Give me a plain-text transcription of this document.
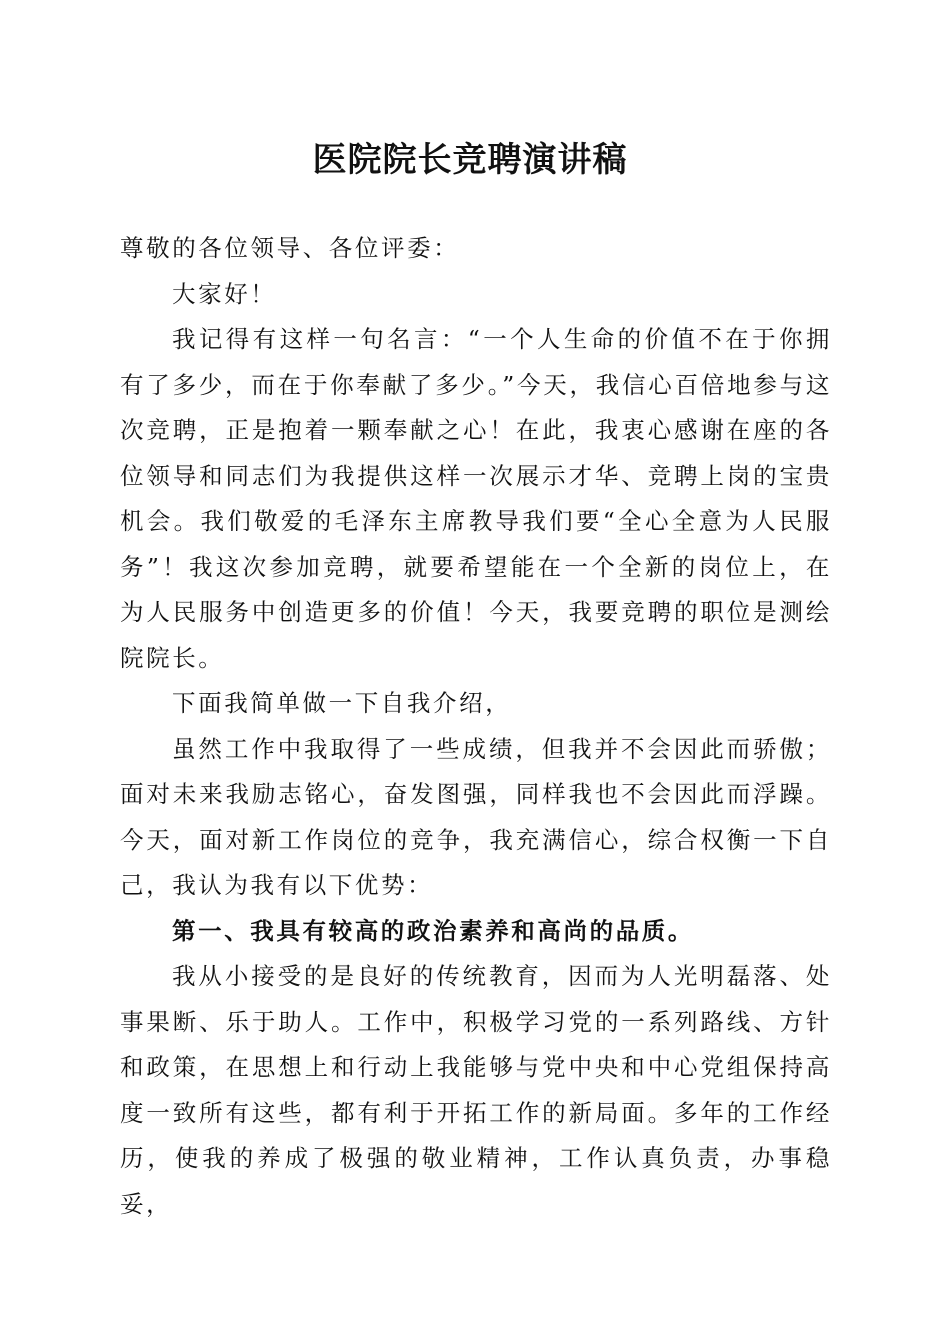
医院院长竞聘演讲稿

尊敬的各位领导、各位评委：

大家好！

我记得有这样一句名言：“一个人生命的价值不在于你拥有了多少，而在于你奉献了多少。”今天，我信心百倍地参与这次竞聘，正是抱着一颗奉献之心！在此，我衷心感谢在座的各位领导和同志们为我提供这样一次展示才华、竞聘上岗的宝贵机会。我们敬爱的毛泽东主席教导我们要“全心全意为人民服务”！我这次参加竞聘，就要希望能在一个全新的岗位上，在为人民服务中创造更多的价值！今天，我要竞聘的职位是测绘院院长。

下面我简单做一下自我介绍，

虽然工作中我取得了一些成绩，但我并不会因此而骄傲；面对未来我励志铭心，奋发图强，同样我也不会因此而浮躁。今天，面对新工作岗位的竞争，我充满信心，综合权衡一下自己，我认为我有以下优势：

第一、我具有较高的政治素养和高尚的品质。

我从小接受的是良好的传统教育，因而为人光明磊落、处事果断、乐于助人。工作中，积极学习党的一系列路线、方针和政策，在思想上和行动上我能够与党中央和中心党组保持高度一致所有这些，都有利于开拓工作的新局面。多年的工作经历，使我的养成了极强的敬业精神，工作认真负责，办事稳妥，
